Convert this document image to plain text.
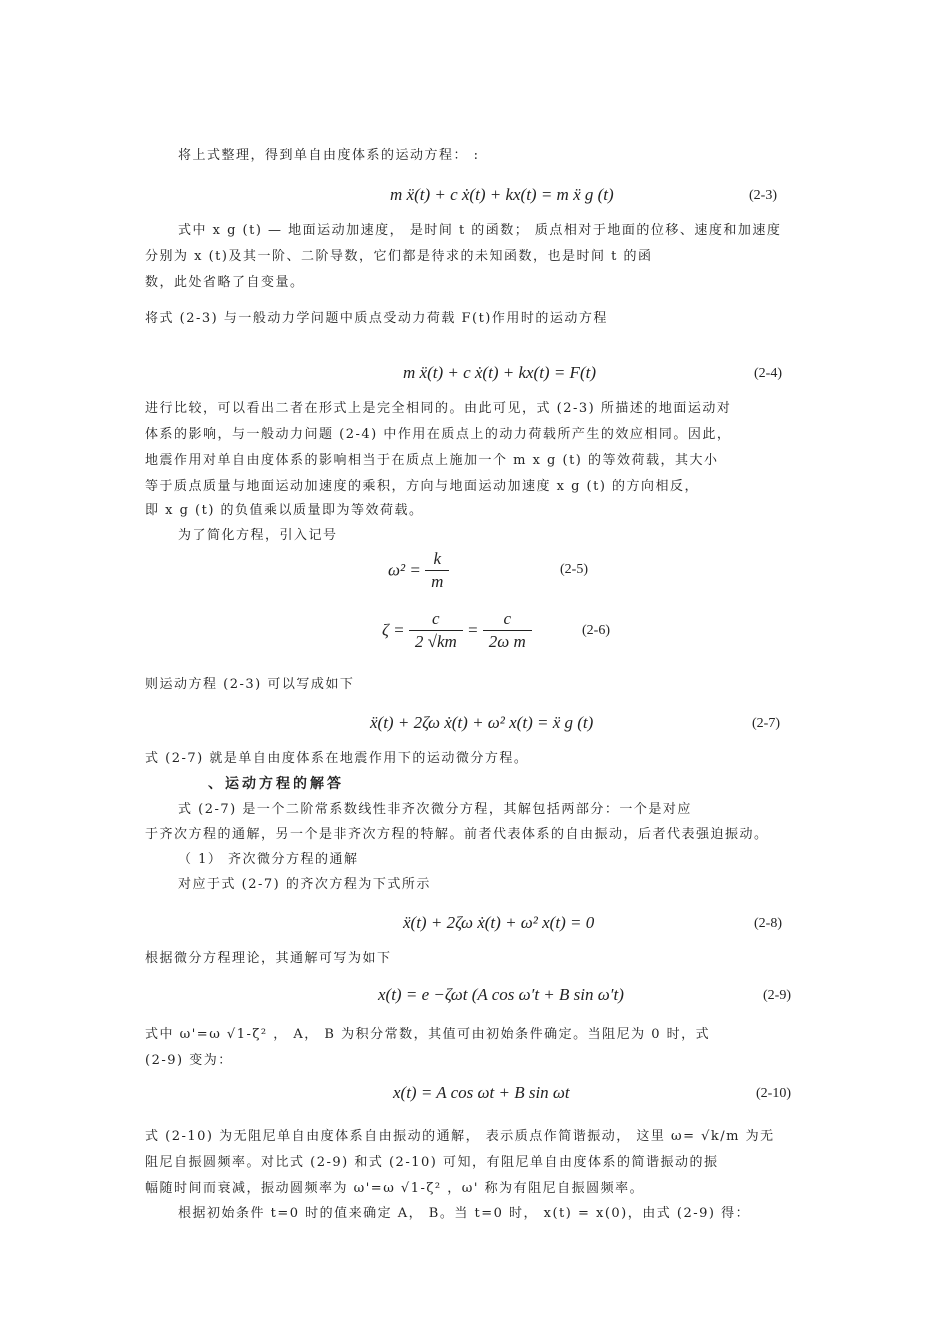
将上式整理，得到单自由度体系的运动方程： :
式中 x g (t) — 地面运动加速度， 是时间 t 的函数； 质点相对于地面的位移、速度和加速度
分别为 x (t)及其一阶、二阶导数，它们都是待求的未知函数，也是时间 t 的函
数，此处省略了自变量。
将式 (2-3) 与一般动力学问题中质点受动力荷载 F(t)作用时的运动方程
进行比较，可以看出二者在形式上是完全相同的。由此可见，式 (2-3) 所描述的地面运动对
体系的影响，与一般动力问题 (2-4) 中作用在质点上的动力荷载所产生的效应相同。因此，
地震作用对单自由度体系的影响相当于在质点上施加一个 m x g (t) 的等效荷载，其大小
等于质点质量与地面运动加速度的乘积，方向与地面运动加速度 x g (t) 的方向相反，
即 x g (t) 的负值乘以质量即为等效荷载。
为了简化方程，引入记号
则运动方程 (2-3) 可以写成如下
式 (2-7) 就是单自由度体系在地震作用下的运动微分方程。
式 (2-7) 是一个二阶常系数线性非齐次微分方程，其解包括两部分：一个是对应
于齐次方程的通解，另一个是非齐次方程的特解。前者代表体系的自由振动，后者代表强迫振动。
（ 1） 齐次微分方程的通解
对应于式 (2-7) 的齐次方程为下式所示
根据微分方程理论，其通解可写为如下
式中 ω'=ω √1-ζ² ， A， B 为积分常数，其值可由初始条件确定。当阻尼为 0 时，式
(2-9) 变为：
式 (2-10) 为无阻尼单自由度体系自由振动的通解， 表示质点作简谐振动， 这里 ω= √k/m 为无
阻尼自振圆频率。对比式 (2-9) 和式 (2-10) 可知，有阻尼单自由度体系的简谐振动的振
幅随时间而衰减，振动圆频率为 ω'=ω √1-ζ² ，ω' 称为有阻尼自振圆频率。
根据初始条件 t=0 时的值来确定 A， B。当 t=0 时， x(t) = x(0)，由式 (2-9) 得：
、运动方程的解答
m ẍ(t) + c ẋ(t) + kx(t) = m ẍ g (t)	(2-3)
m ẍ(t) + c ẋ(t) + kx(t) = F(t)	(2-4)
ẍ(t) + 2ζω ẋ(t) + ω² x(t) = ẍ g (t)	(2-7)
ẍ(t) + 2ζω ẋ(t) + ω² x(t) = 0	(2-8)
x(t) = e −ζωt (A cos ω′t + B sin ω′t)	(2-9)
x(t) = A cos ωt + B sin ωt	(2-10)
$\omega^2 = \frac{k}{m}$	(2-5)
$\zeta = \frac{c}{2 √km} = \frac{c}{\text{2ω m}}$	(2-6)
